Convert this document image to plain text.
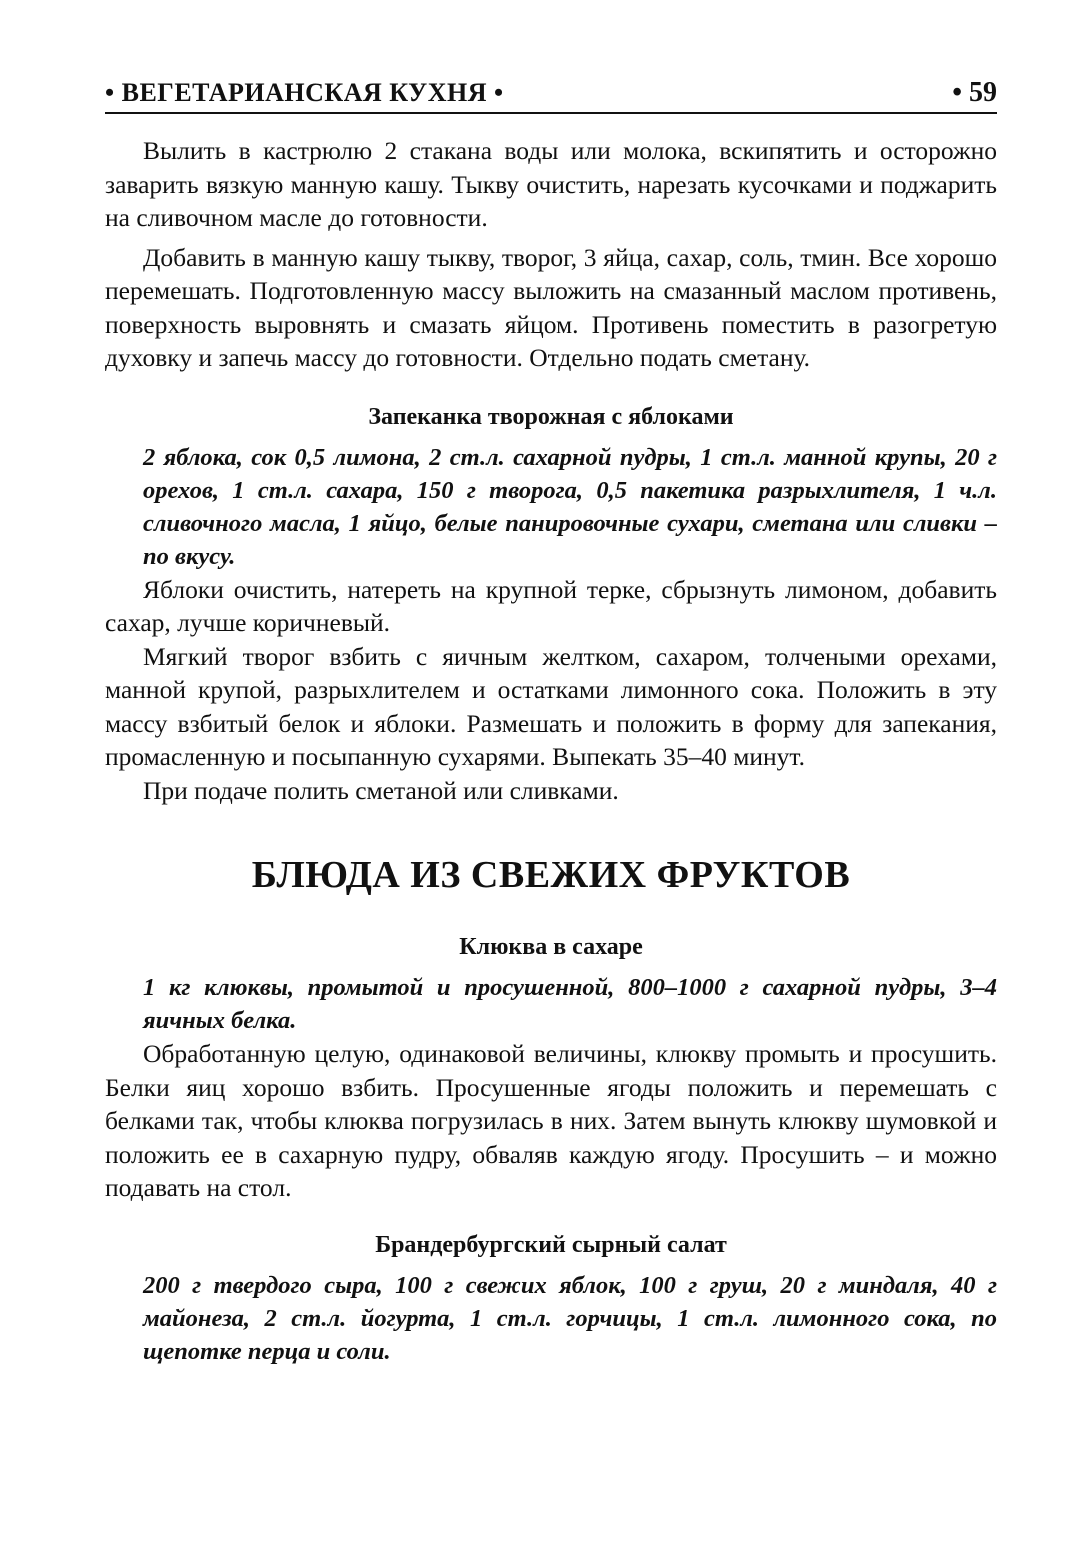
• ВЕГЕТАРИАНСКАЯ КУХНЯ •	• 59

Вылить в кастрюлю 2 стакана воды или молока, вскипятить и осторожно заварить вязкую манную кашу. Тыкву очистить, нарезать кусочками и поджарить на сливочном масле до готовности.

Добавить в манную кашу тыкву, творог, 3 яйца, сахар, соль, тмин. Все хорошо перемешать. Подготовленную массу выложить на смазанный маслом противень, поверхность выровнять и смазать яйцом. Противень поместить в разогретую духовку и запечь массу до готовности. Отдельно подать сметану.

Запеканка творожная с яблоками
2 яблока, сок 0,5 лимона, 2 ст.л. сахарной пудры, 1 ст.л. манной крупы, 20 г орехов, 1 ст.л. сахара, 150 г творога, 0,5 пакетика разрыхлителя, 1 ч.л. сливочного масла, 1 яйцо, белые панировочные сухари, сметана или сливки – по вкусу.

Яблоки очистить, натереть на крупной терке, сбрызнуть лимоном, добавить сахар, лучше коричневый.

Мягкий творог взбить с яичным желтком, сахаром, толчеными орехами, манной крупой, разрыхлителем и остатками лимонного сока. Положить в эту массу взбитый белок и яблоки. Размешать и положить в форму для запекания, промасленную и посыпанную сухарями. Выпекать 35–40 минут.

При подаче полить сметаной или сливками.

БЛЮДА ИЗ СВЕЖИХ ФРУКТОВ
Клюква в сахаре
1 кг клюквы, промытой и просушенной, 800–1000 г сахарной пудры, 3–4 яичных белка.

Обработанную целую, одинаковой величины, клюкву промыть и просушить. Белки яиц хорошо взбить. Просушенные ягоды положить и перемешать с белками так, чтобы клюква погрузилась в них. Затем вынуть клюкву шумовкой и положить ее в сахарную пудру, обваляв каждую ягоду. Просушить – и можно подавать на стол.

Брандербургский сырный салат
200 г твердого сыра, 100 г свежих яблок, 100 г груш, 20 г миндаля, 40 г майонеза, 2 ст.л. йогурта, 1 ст.л. горчицы, 1 ст.л. лимонного сока, по щепотке перца и соли.
